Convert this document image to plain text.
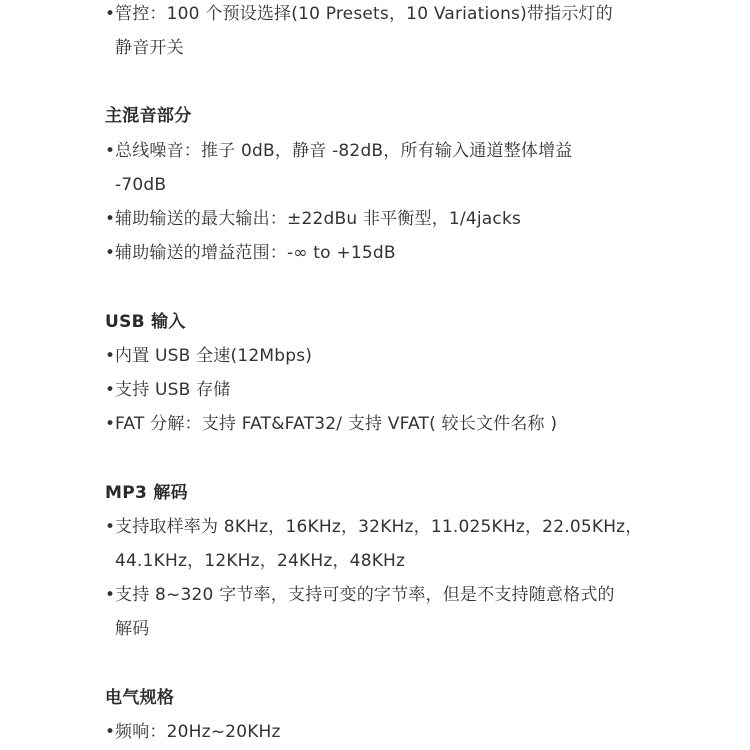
• 管控：100 个预设选择(10 Presets，10 Variations)带指示灯的
静音开关
主混音部分
• 总线噪音：推子 0dB，静音 -82dB，所有输入通道整体增益
-70dB
• 辅助输送的最大输出：±22dBu 非平衡型，1/4jacks
• 辅助输送的增益范围：-∞ to +15dB
USB 输入
• 内置 USB 全速(12Mbps)
• 支持 USB 存储
• FAT 分解：支持 FAT&FAT32/ 支持 VFAT( 较长文件名称 )
MP3 解码
• 支持取样率为 8KHz，16KHz，32KHz，11.025KHz，22.05KHz，
44.1KHz，12KHz，24KHz，48KHz
• 支持 8~320 字节率，支持可变的字节率，但是不支持随意格式的
解码
电气规格
• 频响：20Hz~20KHz
